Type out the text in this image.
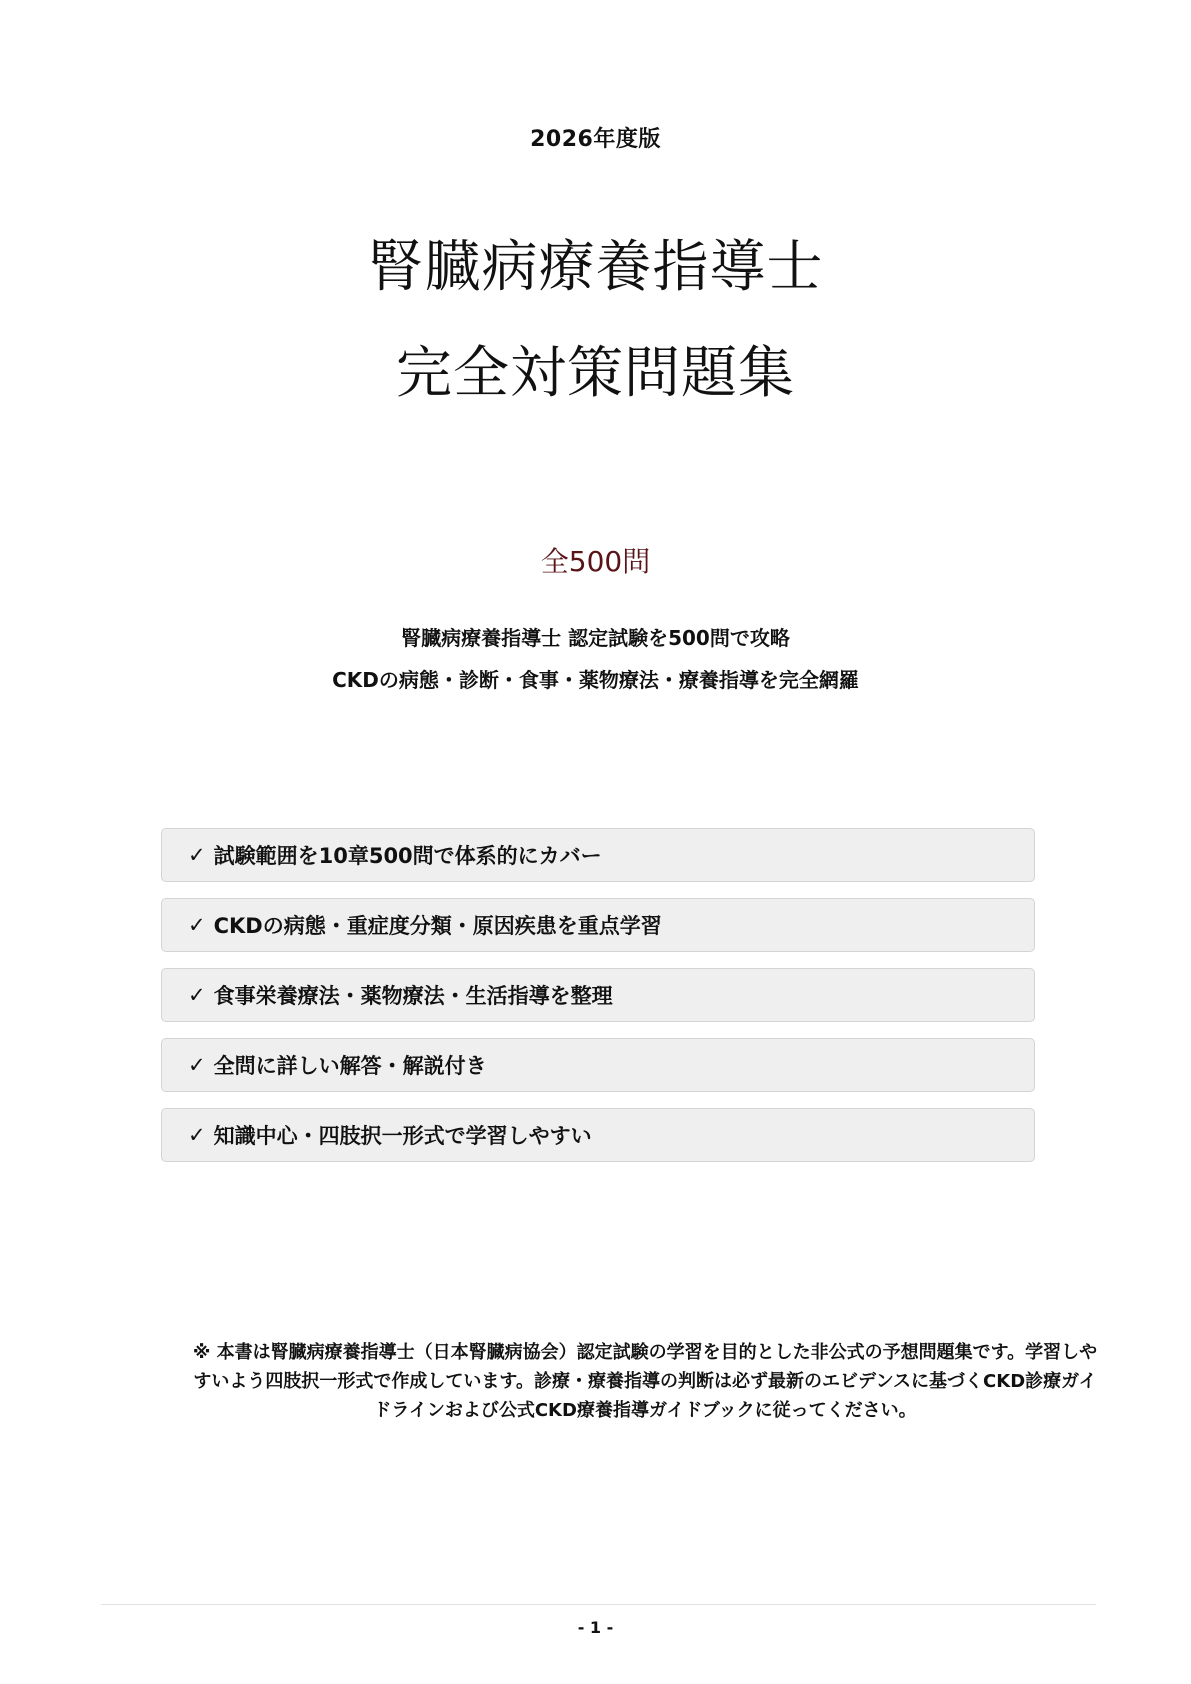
2026年度版
腎臓病療養指導士
完全対策問題集
全500問
腎臓病療養指導士 認定試験を500問で攻略
CKDの病態・診断・食事・薬物療法・療養指導を完全網羅
✓ 試験範囲を10章500問で体系的にカバー
✓ CKDの病態・重症度分類・原因疾患を重点学習
✓ 食事栄養療法・薬物療法・生活指導を整理
✓ 全問に詳しい解答・解説付き
✓ 知識中心・四肢択一形式で学習しやすい
※ 本書は腎臓病療養指導士（日本腎臓病協会）認定試験の学習を目的とした非公式の予想問題集です。学習しやすいよう四肢択一形式で作成しています。診療・療養指導の判断は必ず最新のエビデンスに基づくCKD診療ガイドラインおよび公式CKD療養指導ガイドブックに従ってください。
- 1 -
